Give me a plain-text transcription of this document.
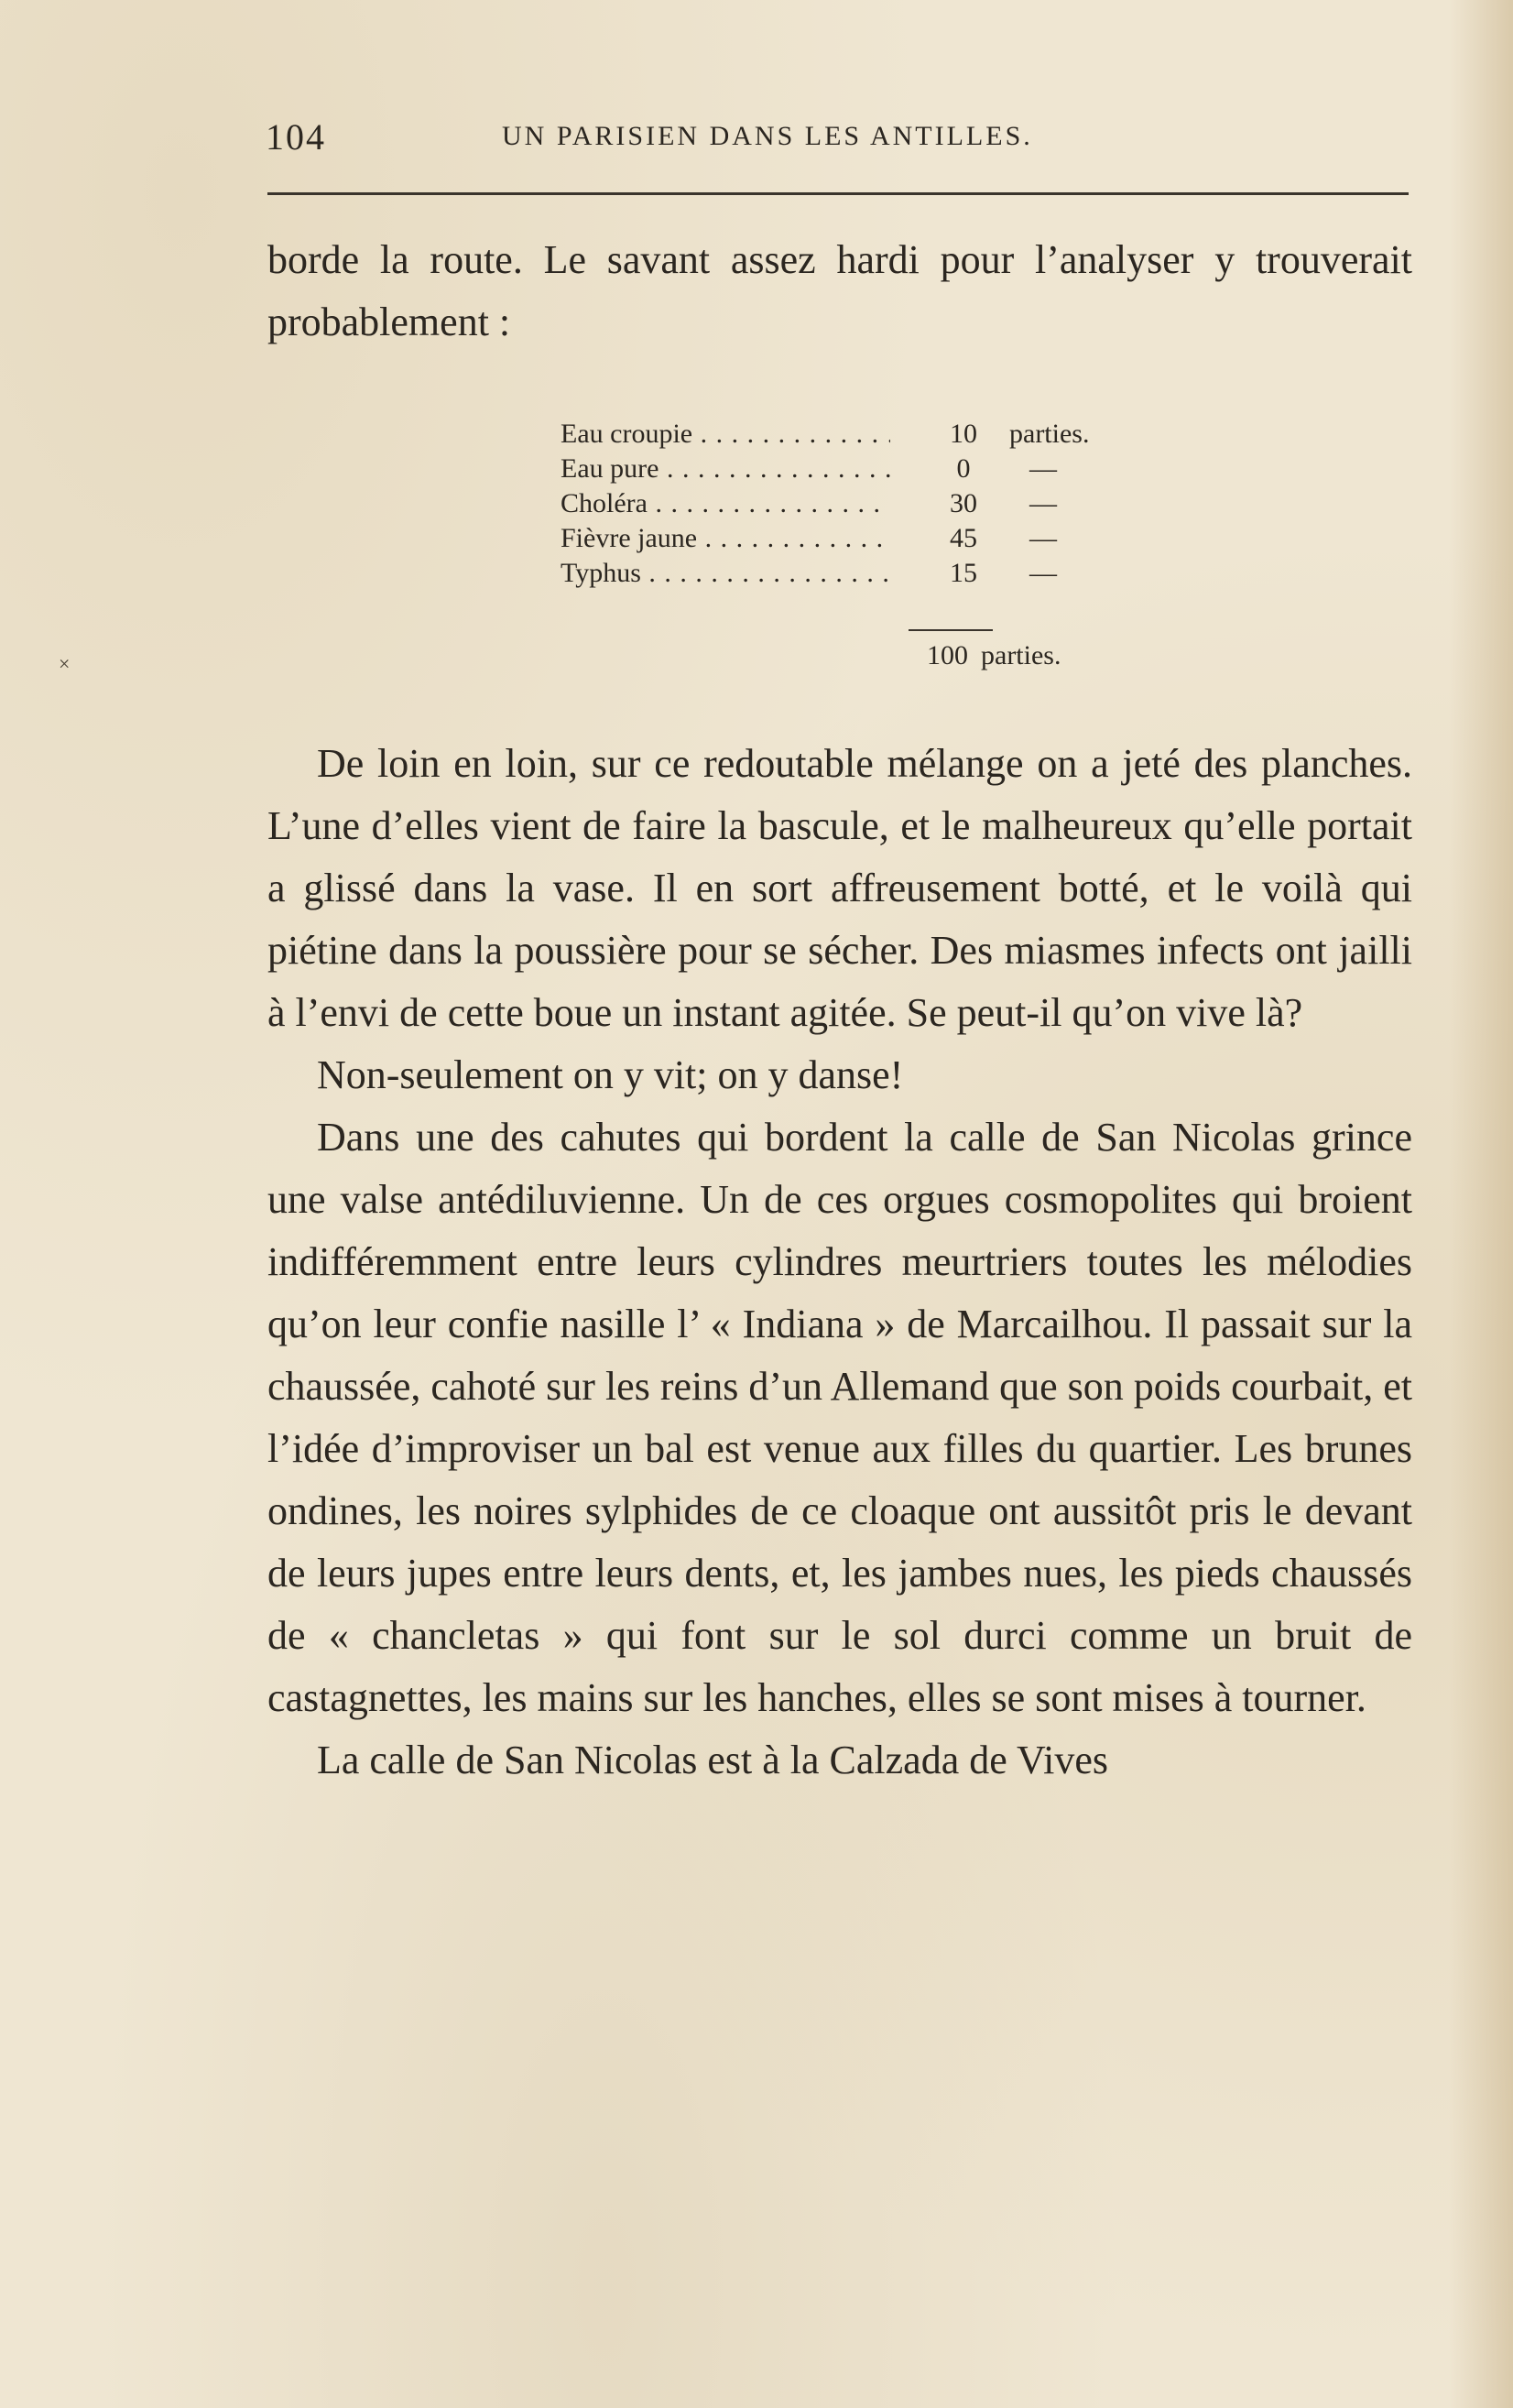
104	UN PARISIEN DANS LES ANTILLES.

borde la route. Le savant assez hardi pour l’analyser y trouverait probablement :

Eau croupie . . .	10	parties.
Eau pure . . .	0	—
Choléra . . .	30	—
Fièvre jaune . . .	45	—
Typhus . . .	15	—
100 parties.
×

De loin en loin, sur ce redoutable mélange on a jeté des planches. L’une d’elles vient de faire la bascule, et le malheureux qu’elle portait a glissé dans la vase. Il en sort affreusement botté, et le voilà qui piétine dans la poussière pour se sécher. Des miasmes infects ont jailli à l’envi de cette boue un instant agitée. Se peut-il qu’on vive là?

Non-seulement on y vit; on y danse!

Dans une des cahutes qui bordent la calle de San Nicolas grince une valse antédiluvienne. Un de ces orgues cosmopolites qui broient indifféremment entre leurs cylindres meurtriers toutes les mélodies qu’on leur confie nasille l’ « Indiana » de Marcailhou. Il passait sur la chaussée, cahoté sur les reins d’un Allemand que son poids courbait, et l’idée d’improviser un bal est venue aux filles du quartier. Les brunes ondines, les noires sylphides de ce cloaque ont aussitôt pris le devant de leurs jupes entre leurs dents, et, les jambes nues, les pieds chaussés de « chancletas » qui font sur le sol durci comme un bruit de castagnettes, les mains sur les hanches, elles se sont mises à tourner.

La calle de San Nicolas est à la Calzada de Vives
